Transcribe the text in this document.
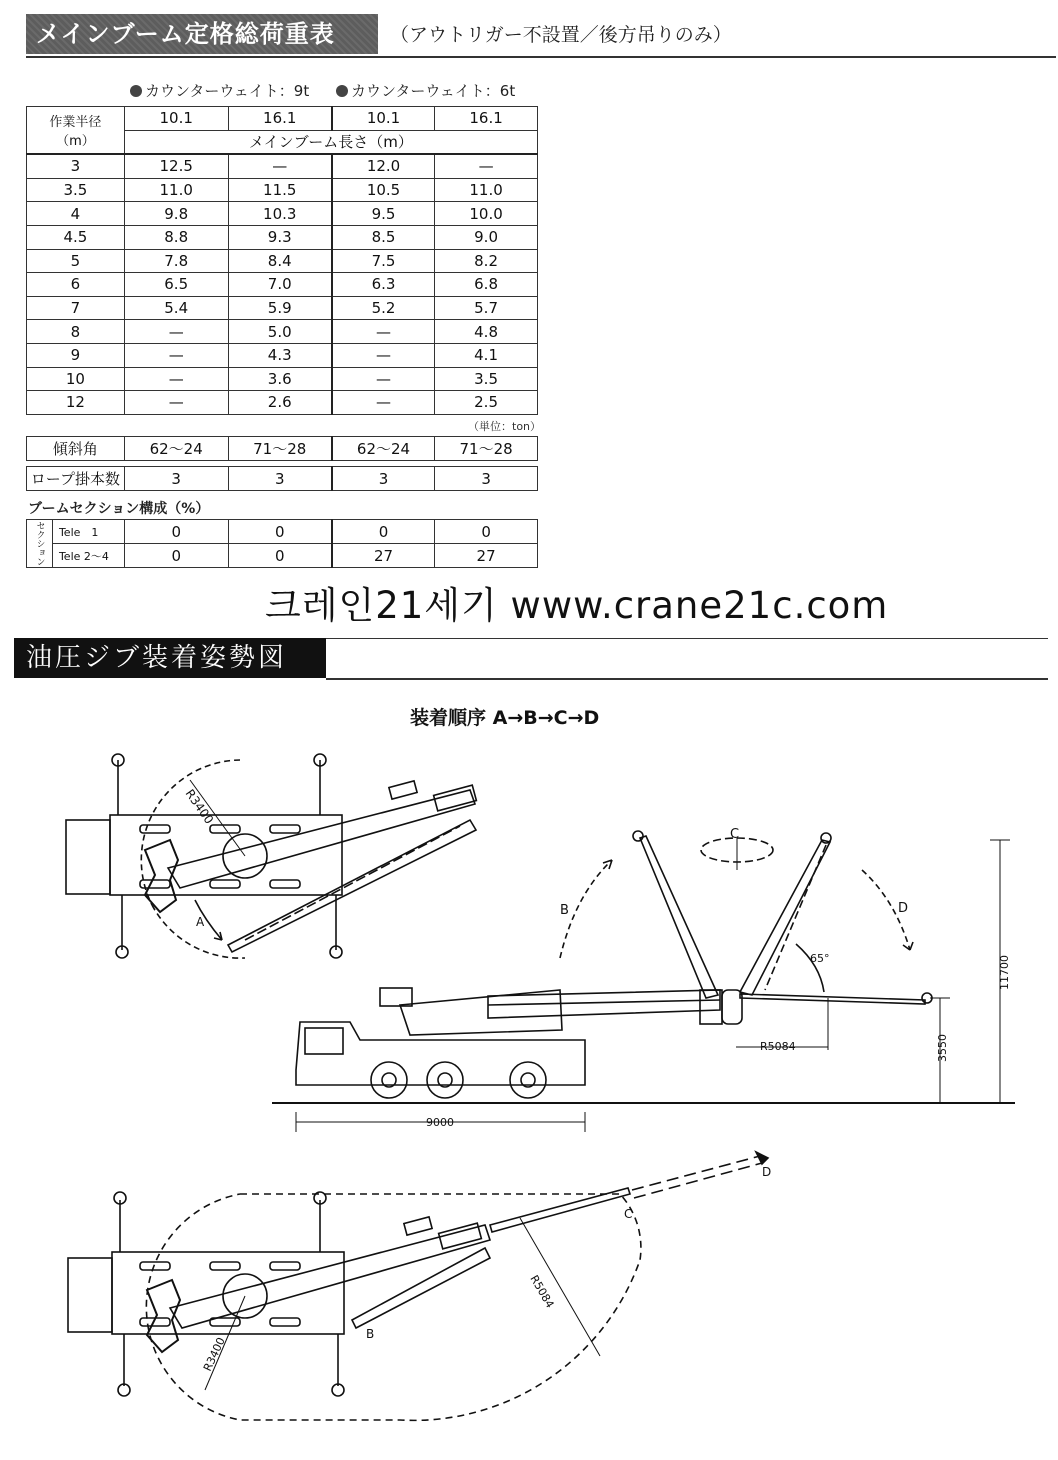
メインブーム定格総荷重表	（アウトリガー不設置／後方吊りのみ）
カウンターウェイト：9t	カウンターウェイト：6t
作業半径
（m）	10.1	16.1	10.1	16.1
	メインブーム長さ（m）			
3	12.5	—	12.0	—
3.5	11.0	11.5	10.5	11.0
4	9.8	10.3	9.5	10.0
4.5	8.8	9.3	8.5	9.0
5	7.8	8.4	7.5	8.2
6	6.5	7.0	6.3	6.8
7	5.4	5.9	5.2	5.7
8	—	5.0	—	4.8
9	—	4.3	—	4.1
10	—	3.6	—	3.5
12	—	2.6	—	2.5
（単位：ton）
傾斜角	62〜24	71〜28	62〜24	71〜28
ロープ掛本数	3	3	3	3
ブームセクション構成（%）
セクション	Tele　1	0	0	0	0
	Tele 2〜4	0	0	27	27
크레인21세기 www.crane21c.com
油圧ジブ装着姿勢図
装着順序 A→B→C→D
R3400
A
B
C
D
65°
R5084
11700
3550
9000
R5084
R3400
B
C
D
